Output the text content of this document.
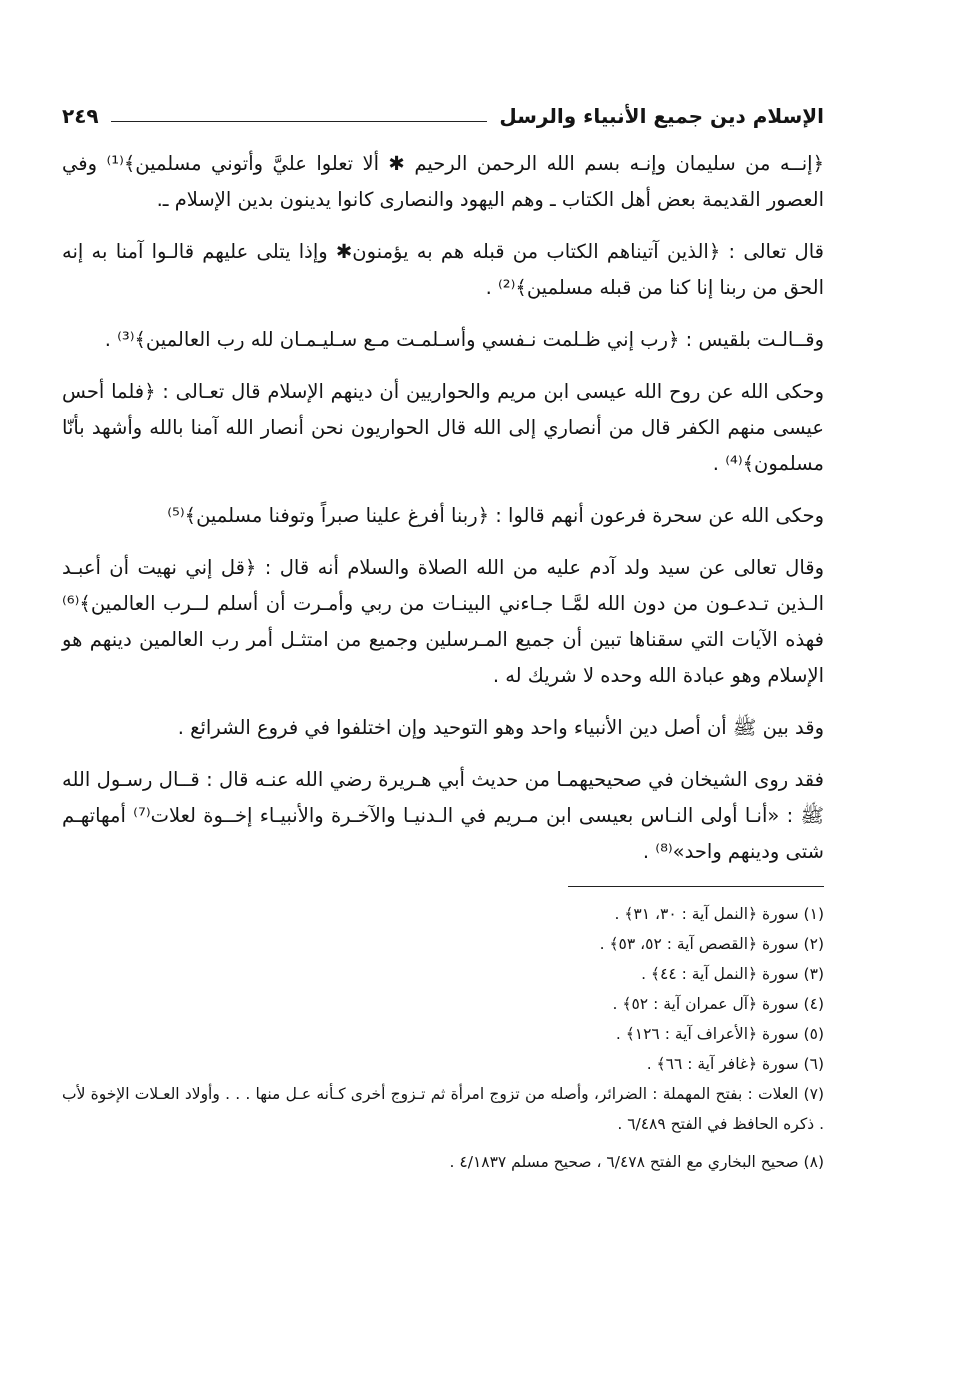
الإسلام دين جميع الأنبياء والرسل
٢٤٩

﴿إنــه من سليمان وإنـه بسم الله الرحمن الرحيم ✱ ألا تعلوا عليَّ وأتوني مسلمين﴾⁽¹⁾ وفي العصور القديمة بعض أهل الكتاب ـ وهم اليهود والنصارى كانوا يدينون بدين الإسلام ـ.

قال تعالى : ﴿الذين آتيناهم الكتاب من قبله هم به يؤمنون✱ وإذا يتلى عليهم قالـوا آمنا به إنه الحق من ربنا إنا كنا من قبله مسلمين﴾⁽²⁾ .

وقــالـت بلقيس : ﴿رب إني ظـلمت نـفسي وأسـلمـت مـع سـليـمـان لله رب العالمين﴾⁽³⁾ .

وحكى الله عن روح الله عيسى ابن مريم والحواريين أن دينهم الإسلام قال تعـالى : ﴿فلما أحس عيسى منهم الكفر قال من أنصاري إلى الله قال الحواريون نحن أنصار الله آمنا بالله وأشهد بأنّا مسلمون﴾⁽⁴⁾ .

وحكى الله عن سحرة فرعون أنهم قالوا : ﴿ربنا أفرغ علينا صبراً وتوفنا مسلمين﴾⁽⁵⁾

وقال تعالى عن سيد ولد آدم عليه من الله الصلاة والسلام أنه قال : ﴿قل إني نهيت أن أعبـد الـذين تـدعـون من دون الله لمَّـا جـاءني البينـات من ربي وأمـرت أن أسلم لــرب العالمين﴾⁽⁶⁾ فهذه الآيات التي سقناها تبين أن جميع المـرسلين وجميع من امتثـل أمر رب العالمين دينهم هو الإسلام وهو عبادة الله وحده لا شريك له .

وقد بين ﷺ أن أصل دين الأنبياء واحد وهو التوحيد وإن اختلفوا في فروع الشرائع .

فقد روى الشيخان في صحيحيهمـا من حديث أبي هـريرة رضي الله عنـه قال : قــال رسـول الله ﷺ : «أنـا أولى النـاس بعيسى ابن مـريم في الـدنيـا والآخـرة والأنبيـاء إخــوة لعلات⁽⁷⁾ أمهاتهـم شتى ودينهم واحد»⁽⁸⁾ .

(١) سورة ﴿النمل آية : ٣٠، ٣١﴾ .

(٢) سورة ﴿القصص آية : ٥٢، ٥٣﴾ .

(٣) سورة ﴿النمل آية : ٤٤﴾ .

(٤) سورة ﴿آل عمران آية : ٥٢﴾ .

(٥) سورة ﴿الأعراف آية : ١٢٦﴾ .

(٦) سورة ﴿غافر آية : ٦٦﴾ .

(٧) العلات : بفتح المهملة : الضرائر، وأصله من تزوج امرأة ثم تـزوج أخرى كـأنه عـل منها . . . وأولاد العـلات الإخوة لأب . ذكره الحافظ في الفتح ٦/٤٨٩ .

(٨) صحيح البخاري مع الفتح ٦/٤٧٨ ، صحيح مسلم ٤/١٨٣٧ .
